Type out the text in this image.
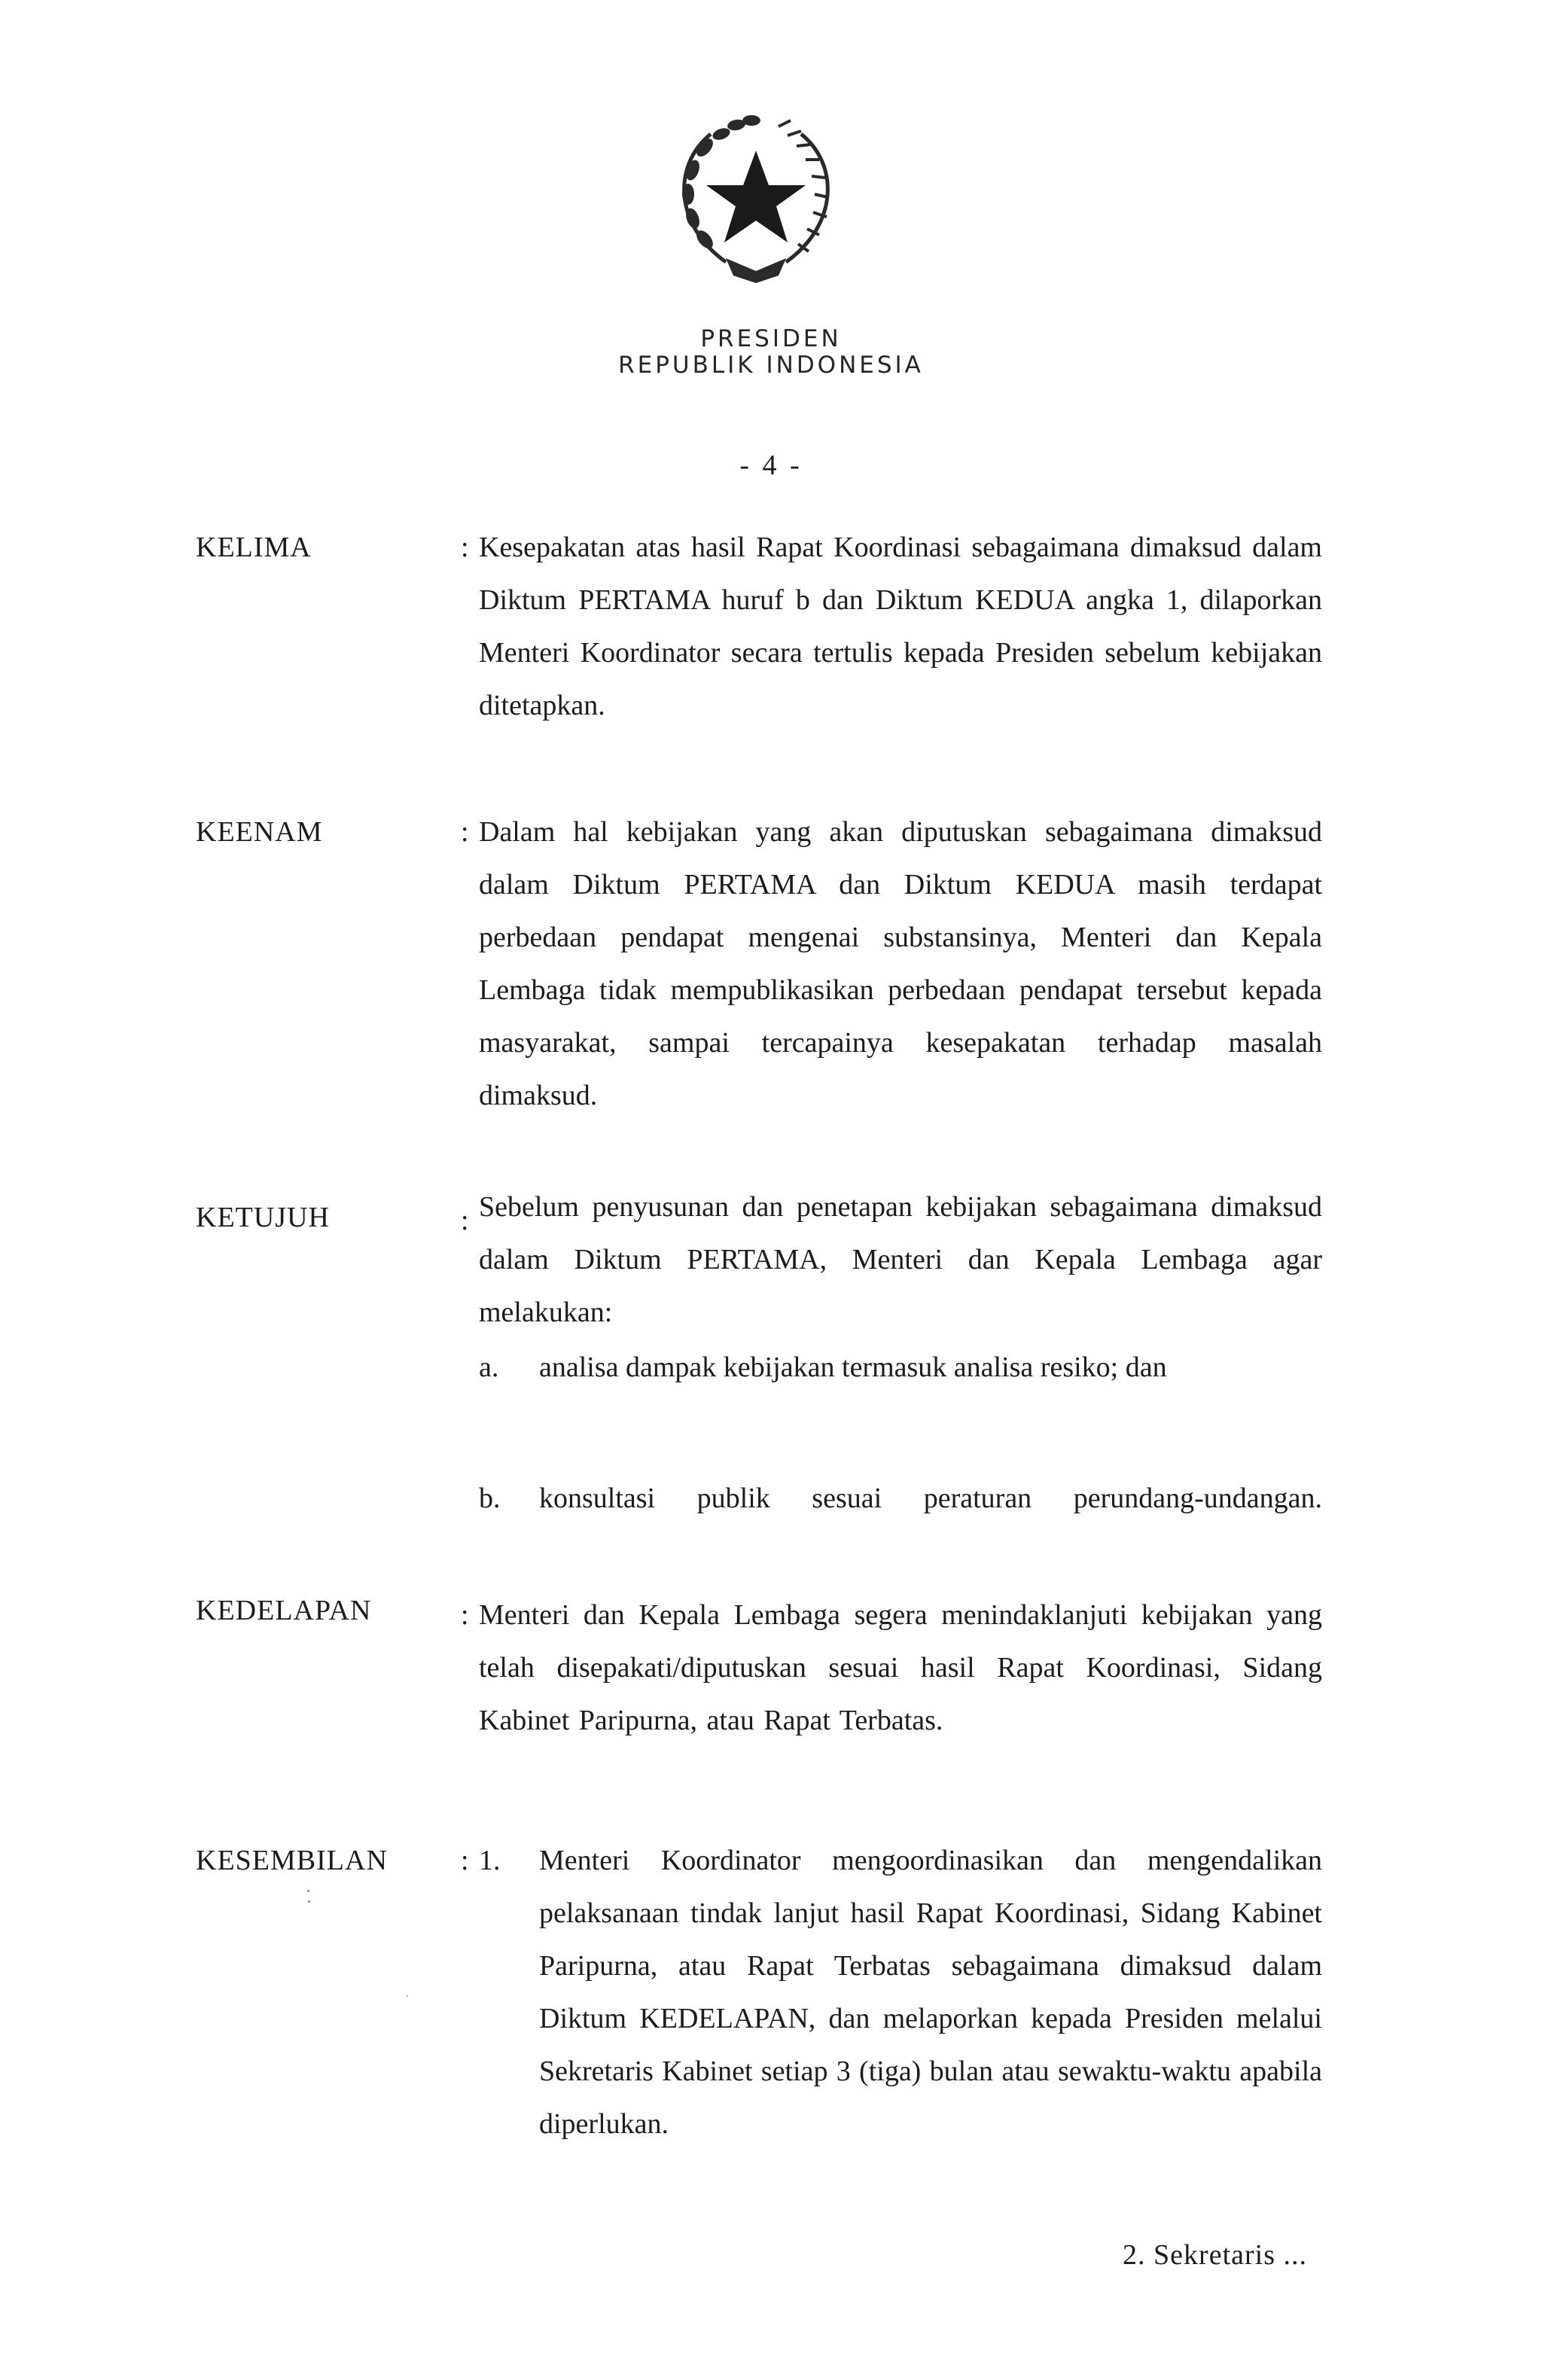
PRESIDEN
REPUBLIK INDONESIA
- 4 -
KELIMA	: Kesepakatan atas hasil Rapat Koordinasi sebagaimana dimaksud dalam Diktum PERTAMA huruf b dan Diktum KEDUA angka 1, dilaporkan Menteri Koordinator secara tertulis kepada Presiden sebelum kebijakan ditetapkan.

KEENAM	: Dalam hal kebijakan yang akan diputuskan sebagaimana dimaksud dalam Diktum PERTAMA dan Diktum KEDUA masih terdapat perbedaan pendapat mengenai substansinya, Menteri dan Kepala Lembaga tidak mempublikasikan perbedaan pendapat tersebut kepada masyarakat, sampai tercapainya kesepakatan terhadap masalah dimaksud.

KETUJUH	: Sebelum penyusunan dan penetapan kebijakan sebagaimana dimaksud dalam Diktum PERTAMA, Menteri dan Kepala Lembaga agar melakukan:

a. analisa dampak kebijakan termasuk analisa resiko; dan
b. konsultasi publik sesuai peraturan perundang-undangan.
KEDELAPAN	: Menteri dan Kepala Lembaga segera menindaklanjuti kebijakan yang telah disepakati/diputuskan sesuai hasil Rapat Koordinasi, Sidang Kabinet Paripurna, atau Rapat Terbatas.

KESEMBILAN	: 1. Menteri Koordinator mengoordinasikan dan mengendalikan pelaksanaan tindak lanjut hasil Rapat Koordinasi, Sidang Kabinet Paripurna, atau Rapat Terbatas sebagaimana dimaksud dalam Diktum KEDELAPAN, dan melaporkan kepada Presiden melalui Sekretaris Kabinet setiap 3 (tiga) bulan atau sewaktu-waktu apabila diperlukan.
2. Sekretaris ...
